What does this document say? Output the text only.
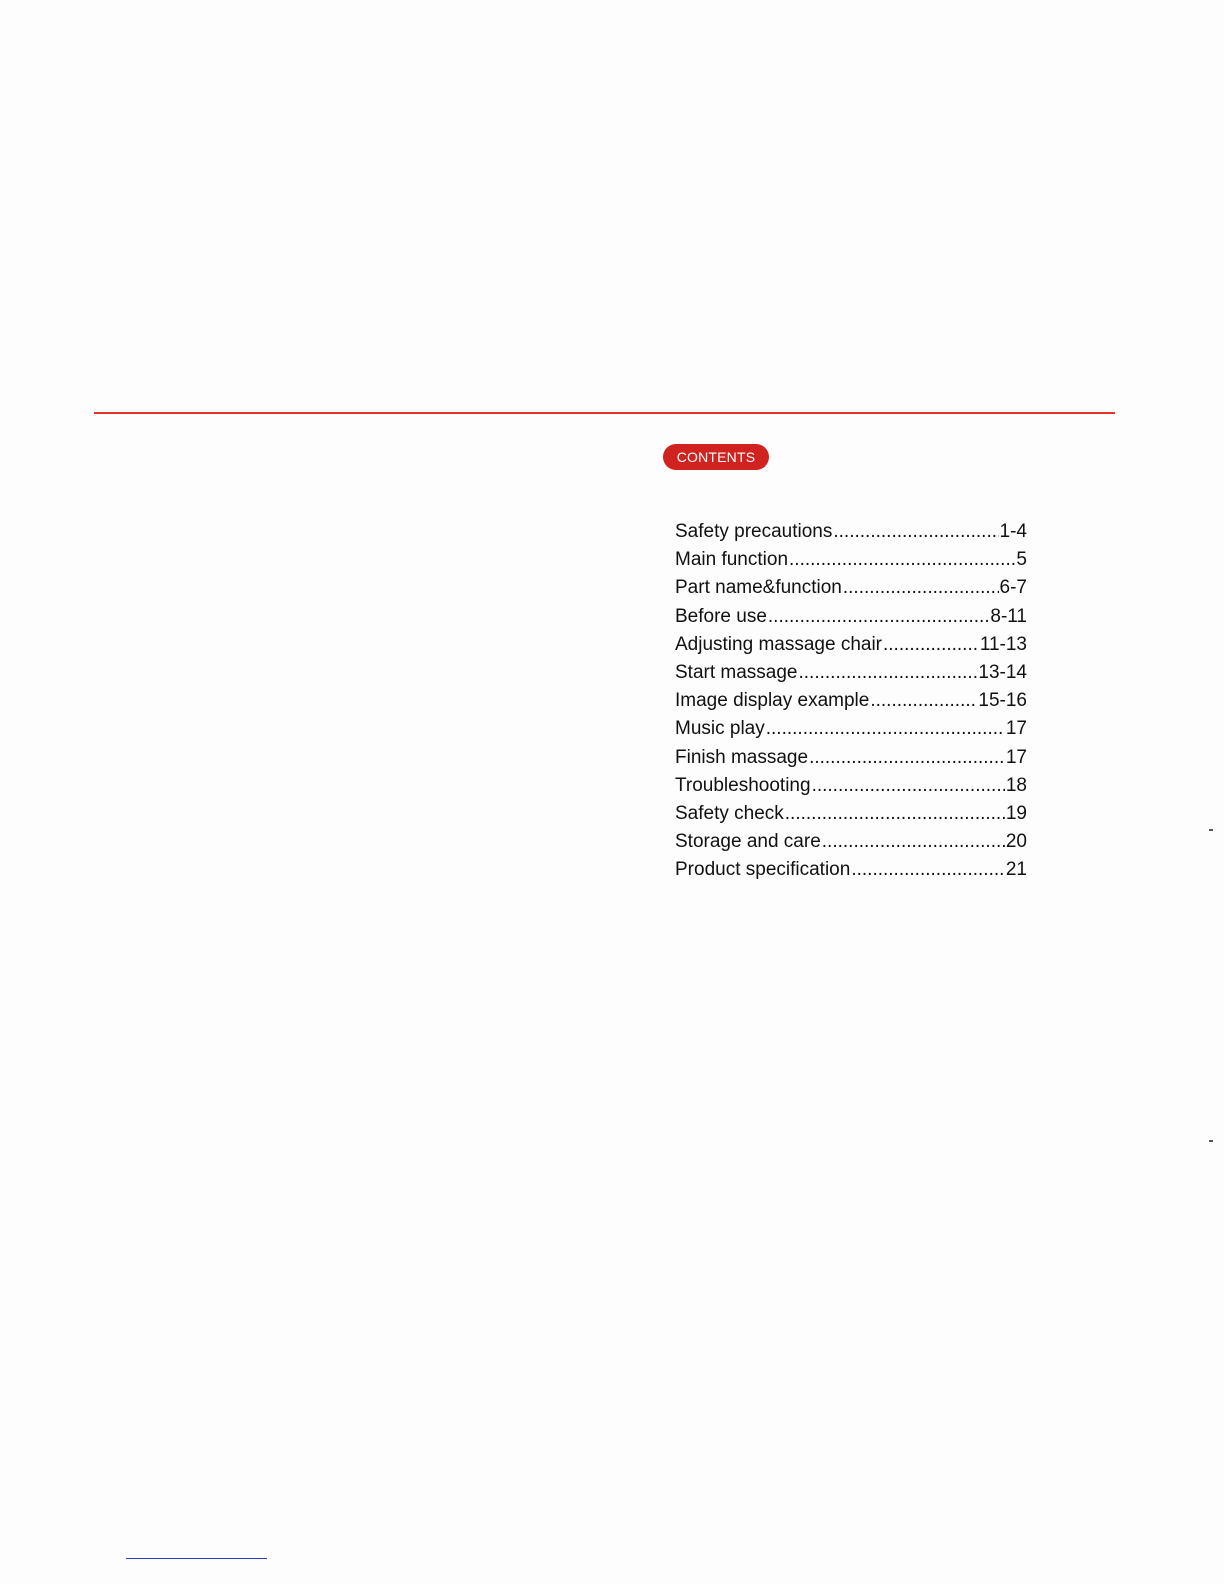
CONTENTS
Safety precautions .....	1-4
Main function .....	5
Part name&function .....	6-7
Before use .....	8-11
Adjusting massage chair .....	11-13
Start massage .....	13-14
Image display example .....	15-16
Music play .....	17
Finish massage .....	17
Troubleshooting .....	18
Safety check .....	19
Storage and care .....	20
Product specification .....	21
